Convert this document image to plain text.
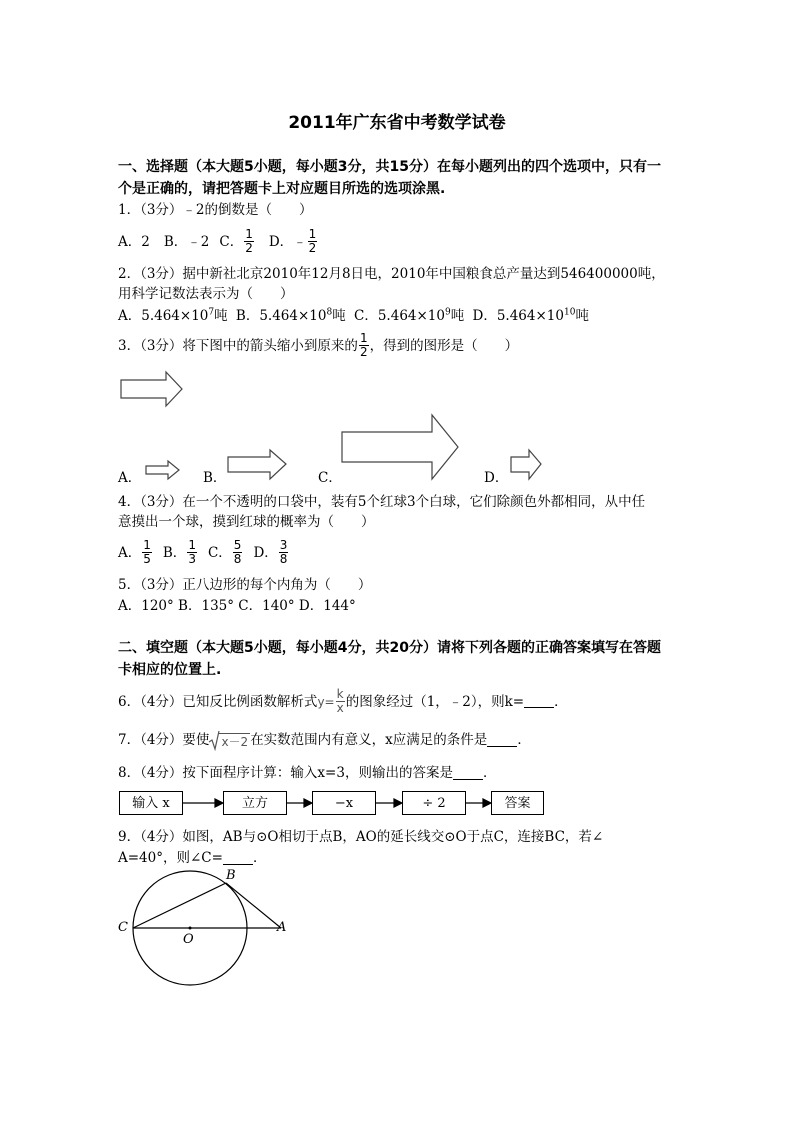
2011年广东省中考数学试卷
一、选择题（本大题5小题，每小题3分，共15分）在每小题列出的四个选项中，只有一
个是正确的，请把答题卡上对应题目所选的选项涂黑.
1．（3分）﹣2的倒数是（　　）
A．2 B．﹣2 C． $\frac{1}{2}$ D．﹣ $\frac{1}{2}$
2．（3分）据中新社北京2010年12月8日电，2010年中国粮食总产量达到546400000吨，
用科学记数法表示为（　　）
A．$5.464\times 10^7$吨 B．$5.464\times 10^8$吨 C．$5.464\times 10^9$吨 D．$5.464\times 10^{10}$吨
3．（3分）将下图中的箭头缩小到原来的 $\frac{1}{2}$ ，得到的图形是（　　）
A．	B．	C．	D．
4．（3分）在一个不透明的口袋中，装有5个红球3个白球，它们除颜色外都相同，从中任
意摸出一个球，摸到红球的概率为（　　）
A． $\frac{1}{5}$ B． $\frac{1}{3}$ C． $\frac{5}{8}$ D． $\frac{3}{8}$
5．（3分）正八边形的每个内角为（　　）
A．120° B．135° C．140° D．144°
二、填空题（本大题5小题，每小题4分，共20分）请将下列各题的正确答案填写在答题
卡相应的位置上.
6．（4分）已知反比例函数解析式 $y= \frac{k}{x}$ 的图象经过（1，﹣2），则k= ．
7．（4分）要使 x－2 在实数范围内有意义，x应满足的条件是 ．
8．（4分）按下面程序计算：输入x=3，则输出的答案是 ．
输入 x	立方	−x	÷ 2	答案
9．（4分）如图，AB与⊙O相切于点B，AO的延长线交⊙O于点C，连接BC，若∠
A=40°，则∠C= ．
B
C
O
A
